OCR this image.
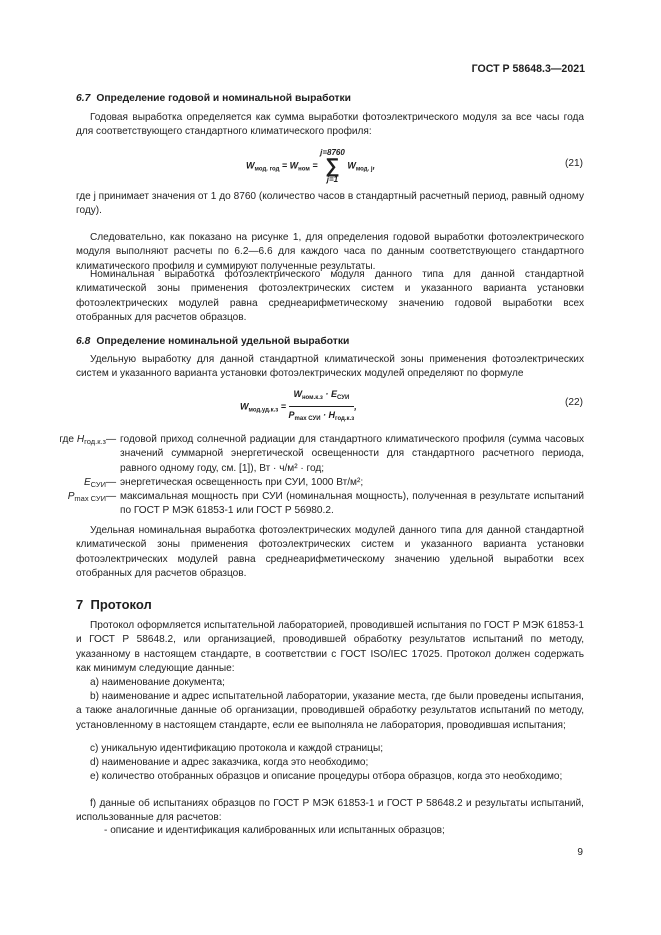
ГОСТ Р 58648.3—2021
6.7 Определение годовой и номинальной выработки
Годовая выработка определяется как сумма выработки фотоэлектрического модуля за все часы года для соответствующего стандартного климатического профиля:
$W_{мод. год} = W_{ном}$ =
j=8760
∑
j=1
$W_{мод. j}$,	(21)
где j принимает значения от 1 до 8760 (количество часов в стандартный расчетный период, равный одному году).
Следовательно, как показано на рисунке 1, для определения годовой выработки фотоэлектрического модуля выполняют расчеты по 6.2—6.6 для каждого часа по данным соответствующего стандартного климатического профиля и суммируют полученные результаты.
Номинальная выработка фотоэлектрического модуля данного типа для данной стандартной климатической зоны применения фотоэлектрических систем и указанного варианта установки фотоэлектрических модулей равна среднеарифметическому значению годовой выработки всех отобранных для расчетов образцов.
6.8 Определение номинальной удельной выработки
Удельную выработку для данной стандартной климатической зоны применения фотоэлектрических систем и указанного варианта установки фотоэлектрических модулей определяют по формуле
$W_{мод.уд.к.з} = \frac{W_{ном.к.з} \cdot E_{СУИ}}{P_{max СУИ} \cdot H_{год.к.з}}$ ,	(22)
где $H_{год.к.з}$ — годовой приход солнечной радиации для стандартного климатического профиля (сумма часовых значений суммарной энергетической освещенности для стандартного расчетного периода, равного одному году, см. [1]), Вт · ч/м² · год;
$E_{СУИ}$ — энергетическая освещенность при СУИ, 1000 Вт/м²;
$P_{max СУИ}$ — максимальная мощность при СУИ (номинальная мощность), полученная в результате испытаний по ГОСТ Р МЭК 61853-1 или ГОСТ Р 56980.2.
Удельная номинальная выработка фотоэлектрических модулей данного типа для данной стандартной климатической зоны применения фотоэлектрических систем и указанного варианта установки фотоэлектрических модулей равна среднеарифметическому значению удельной выработки всех отобранных для расчетов образцов.
7 Протокол
Протокол оформляется испытательной лабораторией, проводившей испытания по ГОСТ Р МЭК 61853-1 и ГОСТ Р 58648.2, или организацией, проводившей обработку результатов испытаний по методу, указанному в настоящем стандарте, в соответствии с ГОСТ ISO/IEC 17025. Протокол должен содержать как минимум следующие данные:
a) наименование документа;
b) наименование и адрес испытательной лаборатории, указание места, где были проведены испытания, а также аналогичные данные об организации, проводившей обработку результатов испытаний по методу, установленному в настоящем стандарте, если ее выполняла не лаборатория, проводившая испытания;
c) уникальную идентификацию протокола и каждой страницы;
d) наименование и адрес заказчика, когда это необходимо;
e) количество отобранных образцов и описание процедуры отбора образцов, когда это необходимо;
f) данные об испытаниях образцов по ГОСТ Р МЭК 61853-1 и ГОСТ Р 58648.2 и результаты испытаний, использованные для расчетов:
- описание и идентификация калиброванных или испытанных образцов;
9
